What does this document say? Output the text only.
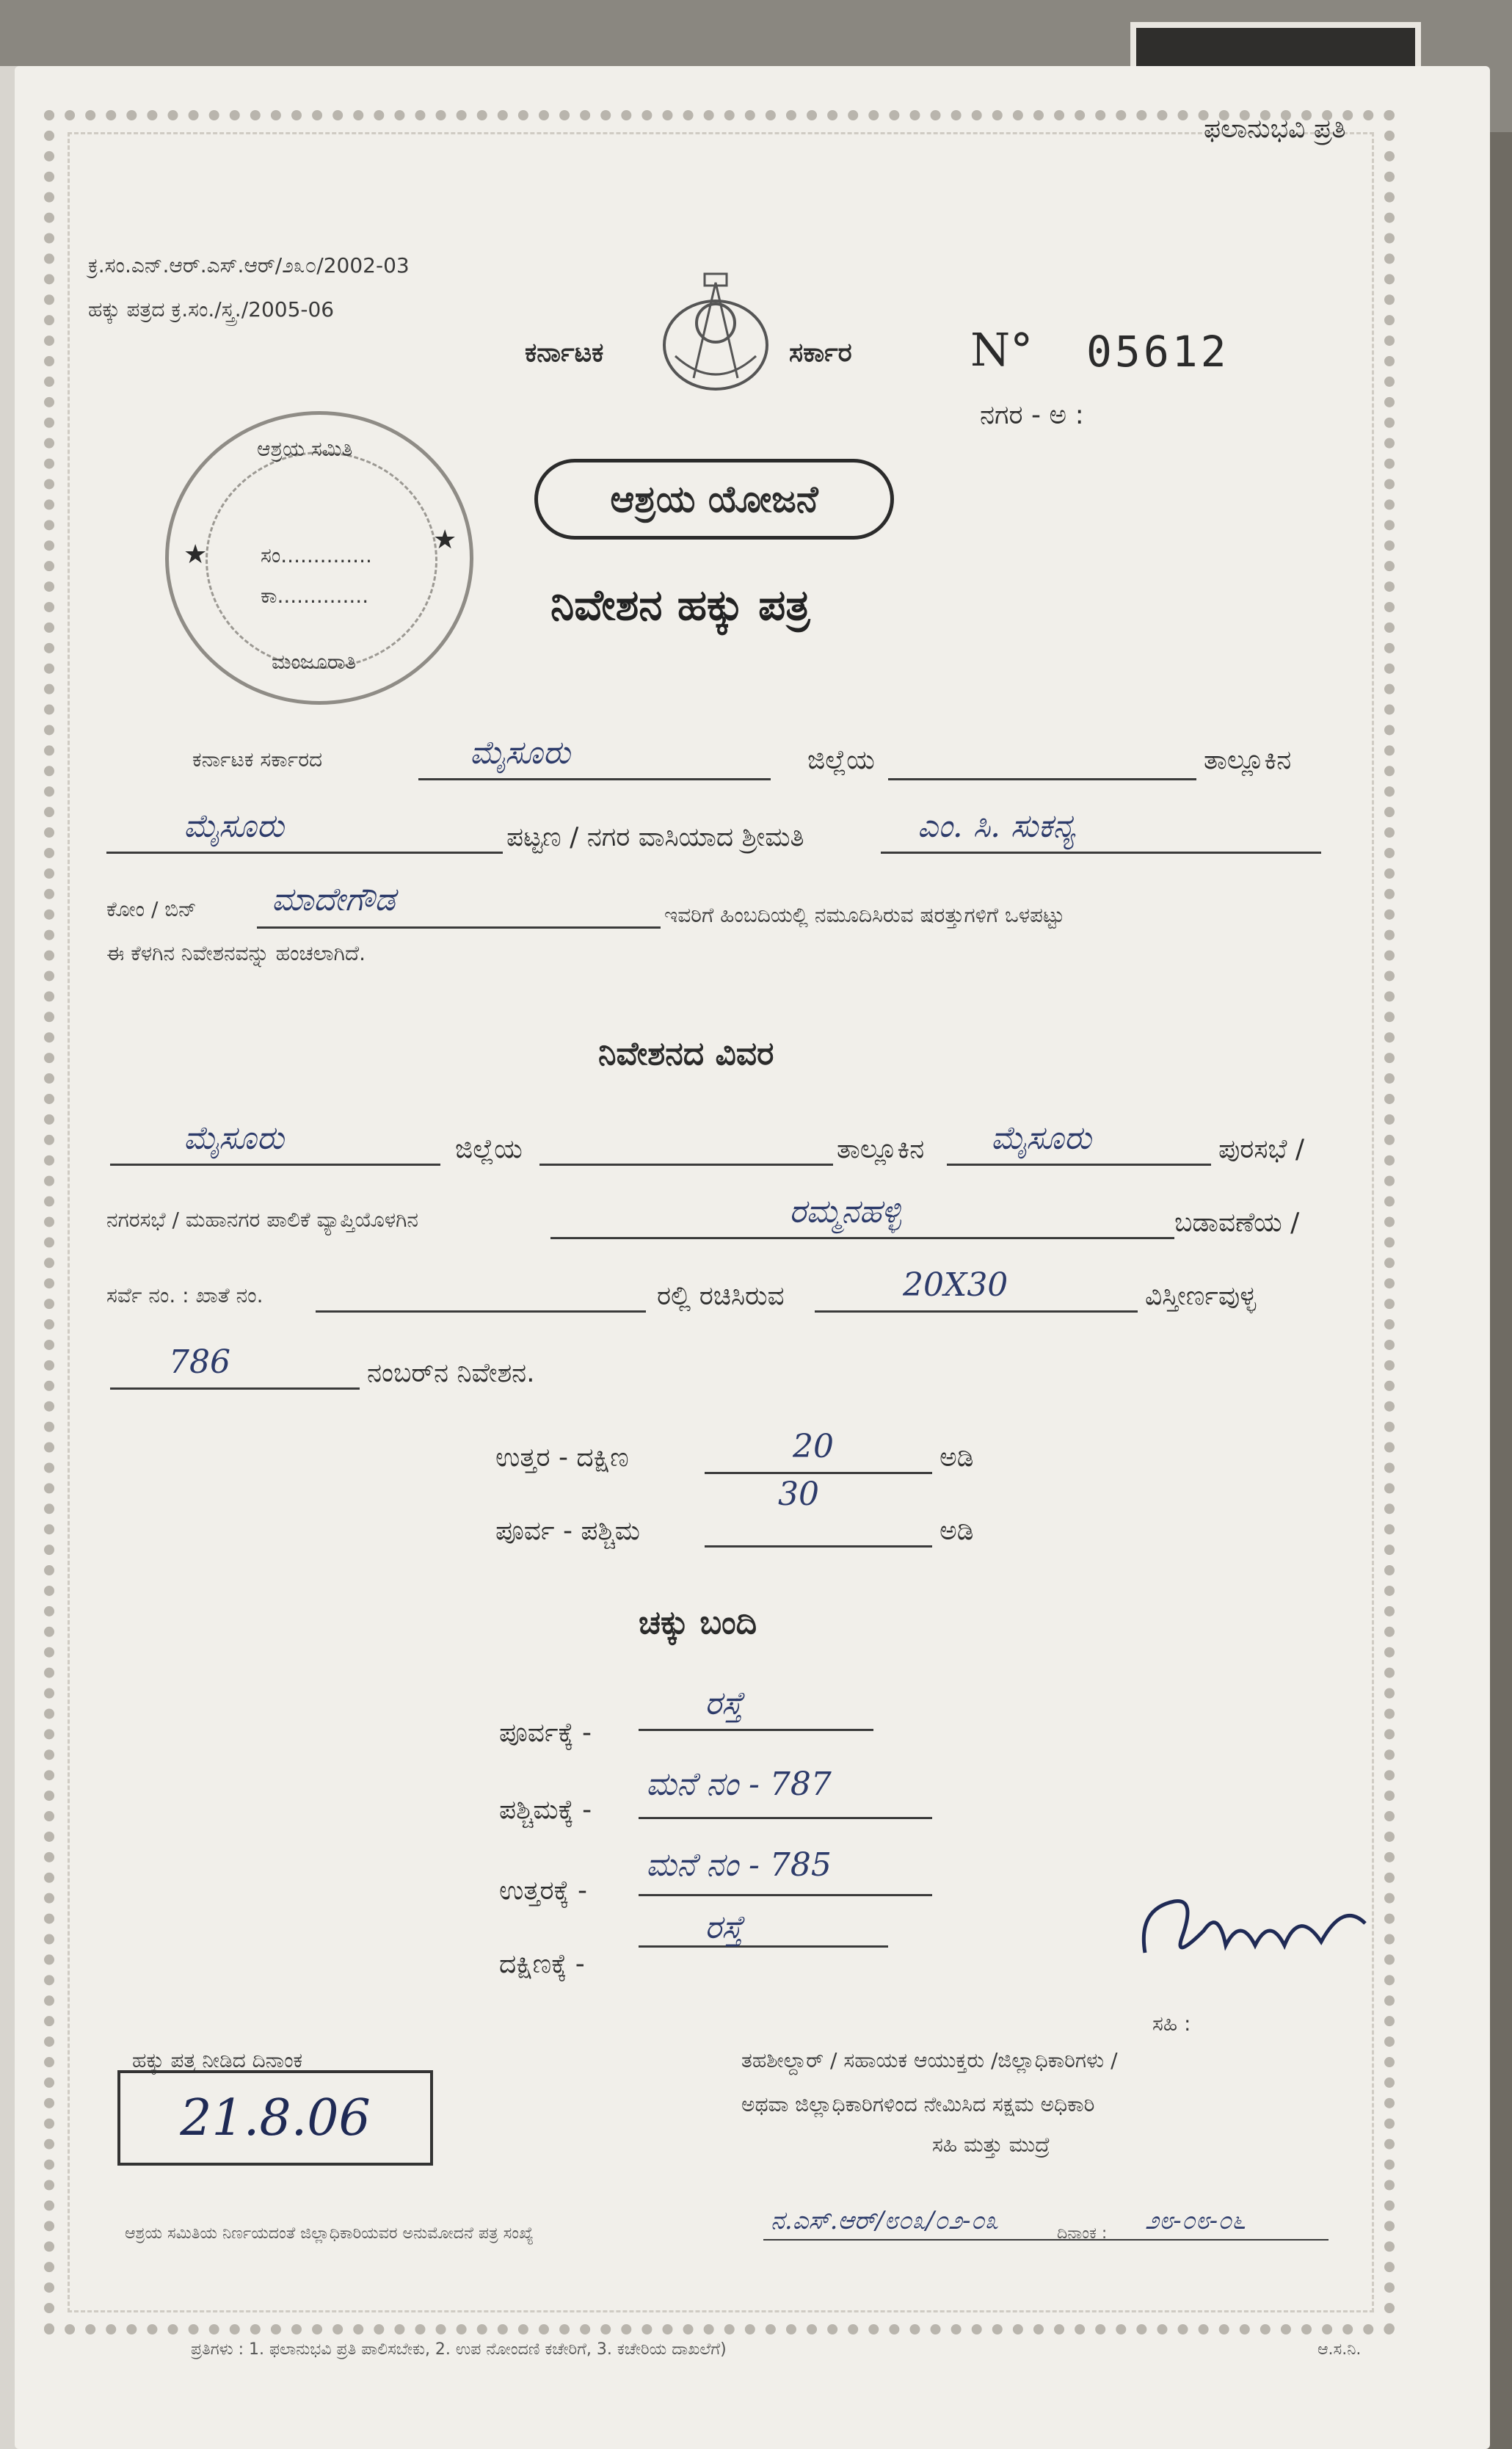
ಫಲಾನುಭವಿ ಪ್ರತಿ
ಕ್ರ.ಸಂ.ಎನ್.ಆರ್.ಎಸ್.ಆರ್/೨೩೦/2002-03
ಹಕ್ಕು ಪತ್ರದ ಕ್ರ.ಸಂ./ಸ್ತ್ರ./2005-06
ಕರ್ನಾಟಕ	ಸರ್ಕಾರ	N° 05612
ನಗರ - ಅ :
ಆಶ್ರಯ ಸಮಿತಿ
ಸಂ..............
ಕಾ..............
ಮಂಜೂರಾತಿ
★	★
ಆಶ್ರಯ ಯೋಜನೆ
ನಿವೇಶನ ಹಕ್ಕು ಪತ್ರ
ಕರ್ನಾಟಕ ಸರ್ಕಾರದ	ಮೈಸೂರು	ಜಿಲ್ಲೆಯ	ತಾಲ್ಲೂಕಿನ
ಮೈಸೂರು	ಪಟ್ಟಣ / ನಗರ ವಾಸಿಯಾದ ಶ್ರೀಮತಿ	ಎಂ. ಸಿ. ಸುಕನ್ಯ
ಕೋಂ / ಬಿನ್ ಮಾದೇಗೌಡ	ಇವರಿಗೆ ಹಿಂಬದಿಯಲ್ಲಿ ನಮೂದಿಸಿರುವ ಷರತ್ತುಗಳಿಗೆ ಒಳಪಟ್ಟು
ಈ ಕೆಳಗಿನ ನಿವೇಶನವನ್ನು ಹಂಚಲಾಗಿದೆ.
ನಿವೇಶನದ ವಿವರ
ಮೈಸೂರು	ಜಿಲ್ಲೆಯ	ತಾಲ್ಲೂಕಿನ ಮೈಸೂರು	ಪುರಸಭೆ /
ನಗರಸಭೆ / ಮಹಾನಗರ ಪಾಲಿಕೆ ವ್ಯಾಪ್ತಿಯೊಳಗಿನ	ರಮ್ಮನಹಳ್ಳಿ	ಬಡಾವಣೆಯ /
ಸರ್ವೆ ನಂ. : ಖಾತೆ ನಂ.	ರಲ್ಲಿ ರಚಿಸಿರುವ	20X30	ವಿಸ್ತೀರ್ಣವುಳ್ಳ
786	ನಂಬರ್‌ನ ನಿವೇಶನ.
ಉತ್ತರ - ದಕ್ಷಿಣ	20	ಅಡಿ
ಪೂರ್ವ - ಪಶ್ಚಿಮ
30
ಅಡಿ
ಚಕ್ಕು ಬಂದಿ
ಪೂರ್ವಕ್ಕೆ -
ರಸ್ತೆ
ಪಶ್ಚಿಮಕ್ಕೆ -
ಮನೆ ನಂ - 787
ಉತ್ತರಕ್ಕೆ -
ಮನೆ ನಂ - 785
ದಕ್ಷಿಣಕ್ಕೆ -
ರಸ್ತೆ
ಸಹಿ :
ತಹಶೀಲ್ದಾರ್ / ಸಹಾಯಕ ಆಯುಕ್ತರು /ಜಿಲ್ಲಾಧಿಕಾರಿಗಳು /
ಅಥವಾ ಜಿಲ್ಲಾಧಿಕಾರಿಗಳಿಂದ ನೇಮಿಸಿದ ಸಕ್ಷಮ ಅಧಿಕಾರಿ
ಸಹಿ ಮತ್ತು ಮುದ್ರೆ
ಹಕ್ಕು ಪತ್ರ ನೀಡಿದ ದಿನಾಂಕ
21.8.06
ಆಶ್ರಯ ಸಮಿತಿಯ ನಿರ್ಣಯದಂತೆ ಜಿಲ್ಲಾಧಿಕಾರಿಯವರ ಅನುಮೋದನೆ ಪತ್ರ ಸಂಖ್ಯೆ	ನ.ಎಸ್.ಆರ್/೮೦೩/೦೨-೦೩	ದಿನಾಂಕ : ೨೮-೦೮-೦೬
ಪ್ರತಿಗಳು : 1. ಫಲಾನುಭವಿ ಪ್ರತಿ ಪಾಲಿಸಬೇಕು, 2. ಉಪ ನೋಂದಣಿ ಕಚೇರಿಗೆ, 3. ಕಚೇರಿಯ ದಾಖಲೆಗೆ)	ಆ.ಸ.ನಿ.
